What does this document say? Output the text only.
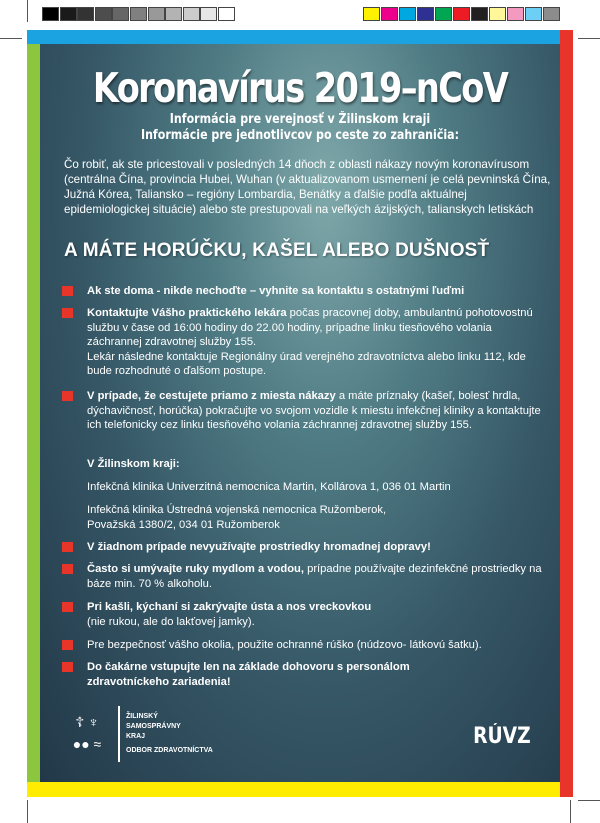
Koronavírus 2019–nCoV
Informácia pre verejnosť v Žilinskom kraji
Informácie pre jednotlivcov po ceste zo zahraničia:
Čo robiť, ak ste pricestovali v posledných 14 dňoch z oblasti nákazy novým koronavírusom (centrálna Čína, provincia Hubei, Wuhan (v aktualizovanom usmernení je celá pevninská Čína, Južná Kórea, Taliansko – regióny Lombardia, Benátky a ďalšie podľa aktuálnej epidemiologickej situácie) alebo ste prestupovali na veľkých ázijských, talianskych letiskách
A MÁTE HORÚČKU, KAŠEL ALEBO DUŠNOSŤ
Ak ste doma - nikde nechoďte – vyhnite sa kontaktu s ostatnými ľuďmi
Kontaktujte Vášho praktického lekára počas pracovnej doby, ambulantnú pohotovostnú službu v čase od 16:00 hodiny do 22.00 hodiny, prípadne linku tiesňového volania záchrannej zdravotnej služby 155.
Lekár následne kontaktuje Regionálny úrad verejného zdravotníctva alebo linku 112, kde bude rozhodnuté o ďalšom postupe.
V prípade, že cestujete priamo z miesta nákazy a máte príznaky (kašeľ, bolesť hrdla, dýchavičnosť, horúčka) pokračujte vo svojom vozidle k miestu infekčnej kliniky a kontaktujte ich telefonicky cez linku tiesňového volania záchrannej zdravotnej služby 155.
V Žilinskom kraji:
Infekčná klinika Univerzitná nemocnica Martin, Kollárova 1, 036 01 Martin
Infekčná klinika Ústredná vojenská nemocnica Ružomberok,
Považská 1380/2, 034 01 Ružomberok
V žiadnom prípade nevyužívajte prostriedky hromadnej dopravy!
Často si umývajte ruky mydlom a vodou, prípadne používajte dezinfekčné prostriedky na báze min. 70 % alkoholu.
Pri kašli, kýchaní si zakrývajte ústa a nos vreckovkou
(nie rukou, ale do lakťovej jamky).
Pre bezpečnosť vášho okolia, použite ochranné rúško (núdzovo- látkovú šatku).
Do čakárne vstupujte len na základe dohovoru s personálom zdravotníckeho zariadenia!
☦ ♆
●● ≈
ŽILINSKÝ
SAMOSPRÁVNY
KRAJ
ODBOR ZDRAVOTNÍCTVA
RÚVZ
